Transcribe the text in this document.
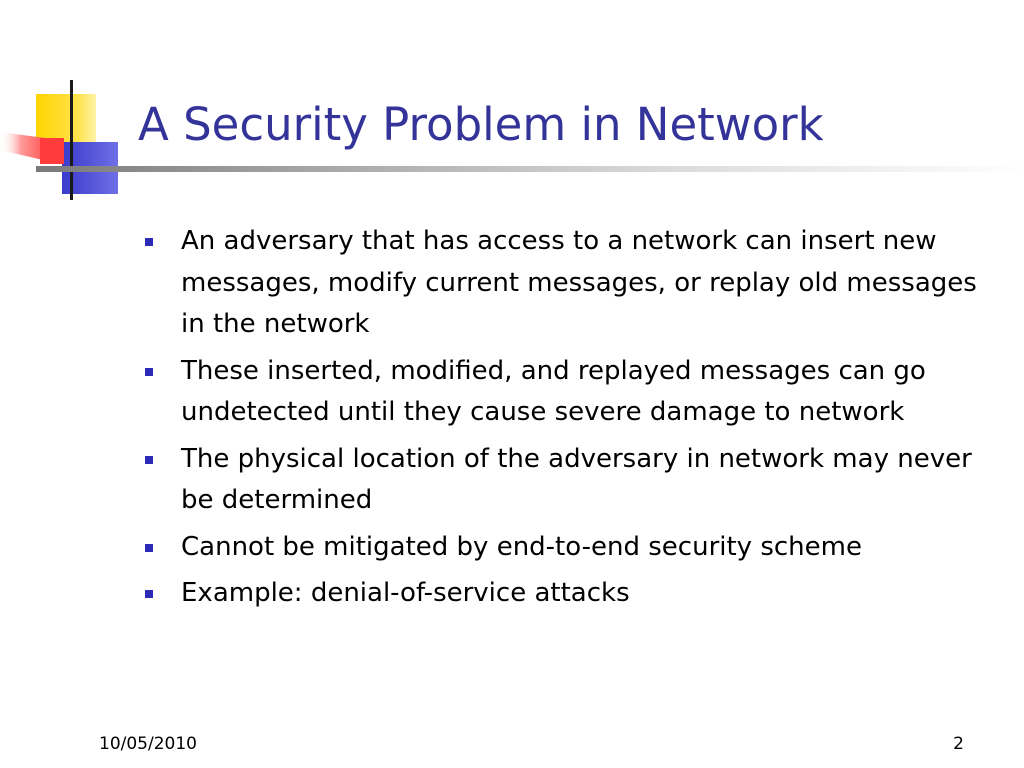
A Security Problem in Network
An adversary that has access to a network can insert new messages, modify current messages, or replay old messages in the network
These inserted, modified, and replayed messages can go undetected until they cause severe damage to network
The physical location of the adversary in network may never be determined
Cannot be mitigated by end-to-end security scheme
Example: denial-of-service attacks
10/05/2010	2
